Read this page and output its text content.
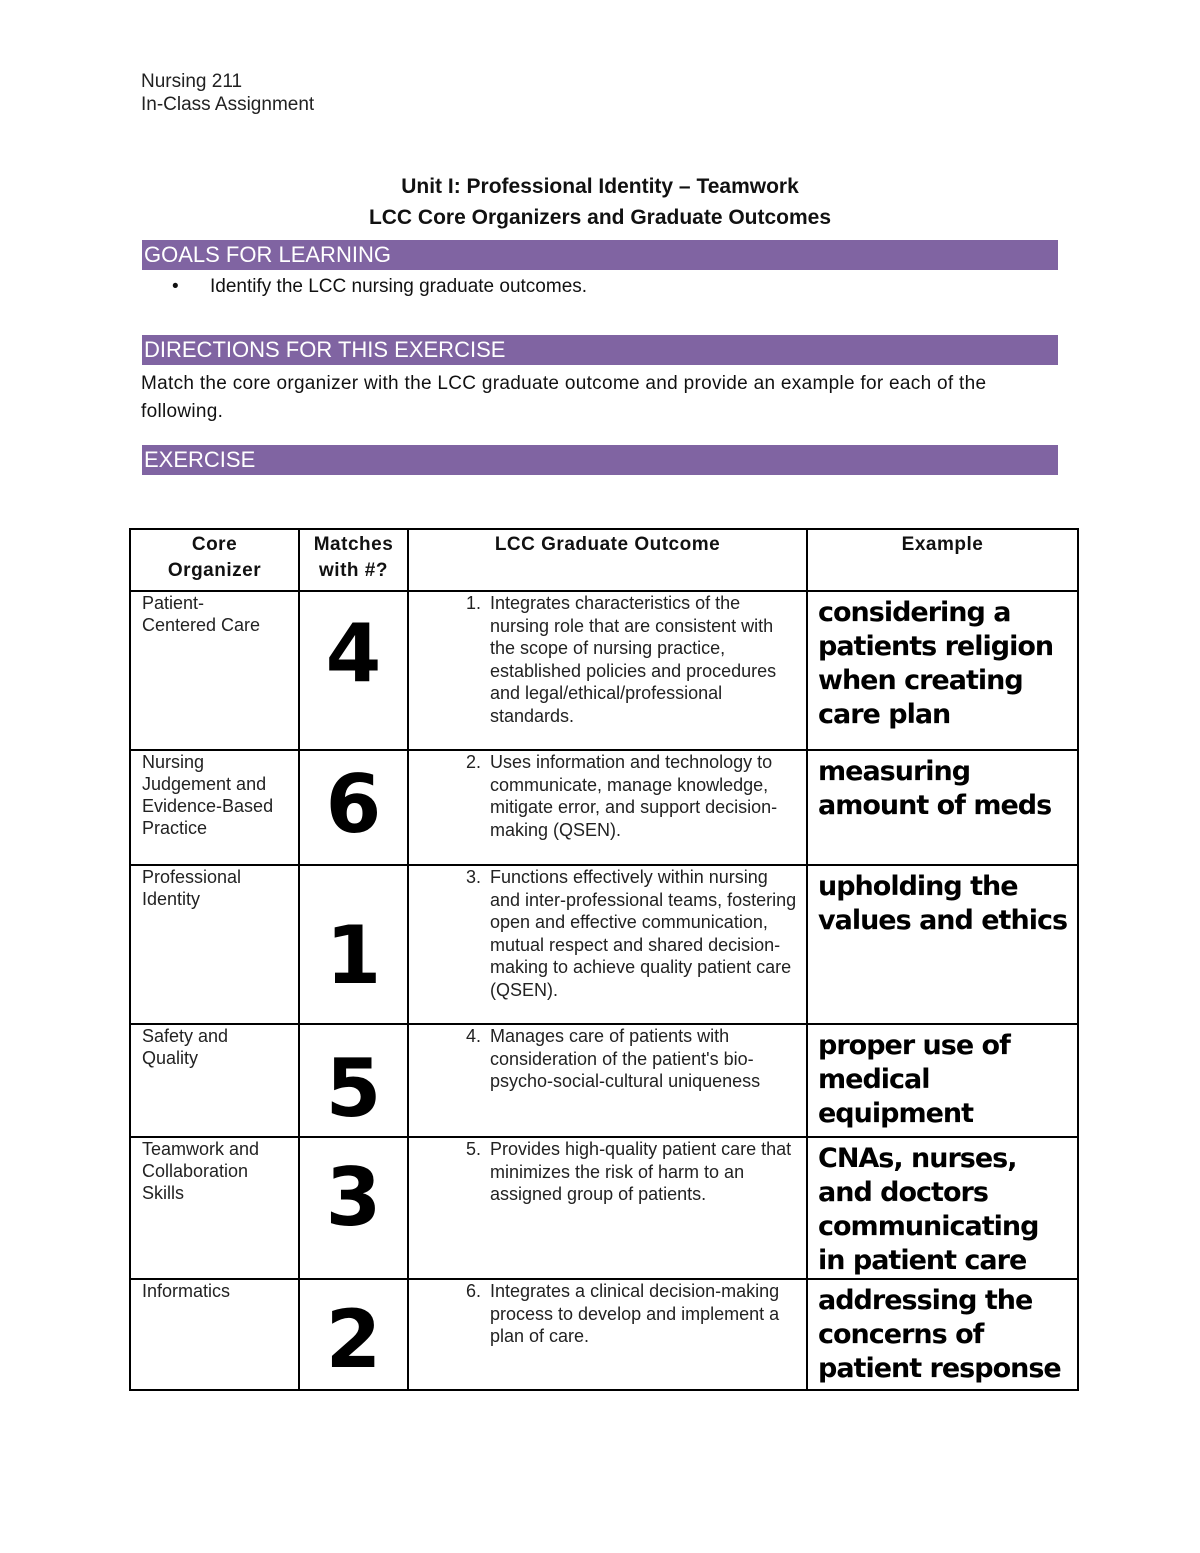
Nursing 211
In-Class Assignment
Unit I: Professional Identity – Teamwork
LCC Core Organizers and Graduate Outcomes
GOALS FOR LEARNING
• Identify the LCC nursing graduate outcomes.
DIRECTIONS FOR THIS EXERCISE
Match the core organizer with the LCC graduate outcome and provide an example for each of the following.
EXERCISE
Core Organizer	Matches with #?	LCC Graduate Outcome	Example

Patient-Centered Care	4	1. Integrates characteristics of the nursing role that are consistent with the scope of nursing practice, established policies and procedures and legal/ethical/professional standards.	considering a patients religion when creating care plan

Nursing Judgement and Evidence-Based Practice	6	2. Uses information and technology to communicate, manage knowledge, mitigate error, and support decision-making (QSEN).	measuring amount of meds

Professional Identity	1	3. Functions effectively within nursing and inter-professional teams, fostering open and effective communication, mutual respect and shared decision-making to achieve quality patient care (QSEN).	upholding the values and ethics

Safety and Quality	5	4. Manages care of patients with consideration of the patient's bio-psycho-social-cultural uniqueness	proper use of medical equipment

Teamwork and Collaboration Skills	3	5. Provides high-quality patient care that minimizes the risk of harm to an assigned group of patients.	CNAs, nurses, and doctors communicating in patient care

Informatics	2	6. Integrates a clinical decision-making process to develop and implement a plan of care.	addressing the concerns of patient response
